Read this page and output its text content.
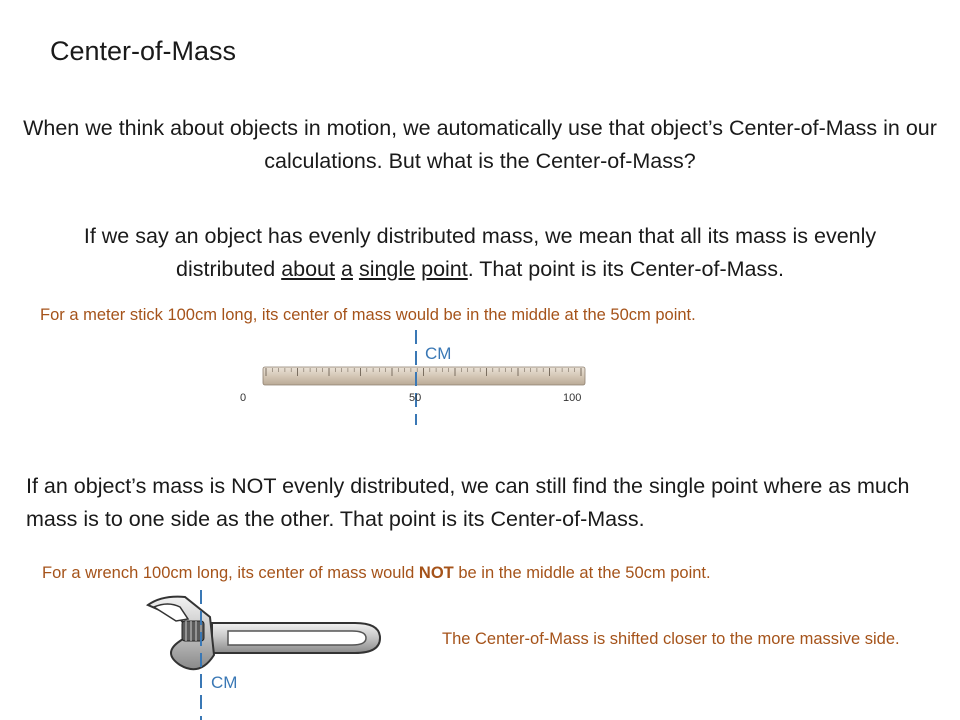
Center-of-Mass
When we think about objects in motion, we automatically use that object’s Center-of-Mass in our calculations. But what is the Center-of-Mass?
If we say an object has evenly distributed mass, we mean that all its mass is evenly
distributed about a single point. That point is its Center-of-Mass.
For a meter stick 100cm long, its center of mass would be in the middle at the 50cm point.
CM
0	50	100
If an object’s mass is NOT evenly distributed, we can still find the single point where as much mass is to one side as the other. That point is its Center-of-Mass.
For a wrench 100cm long, its center of mass would NOT be in the middle at the 50cm point.
CM
The Center-of-Mass is shifted closer to the more massive side.
